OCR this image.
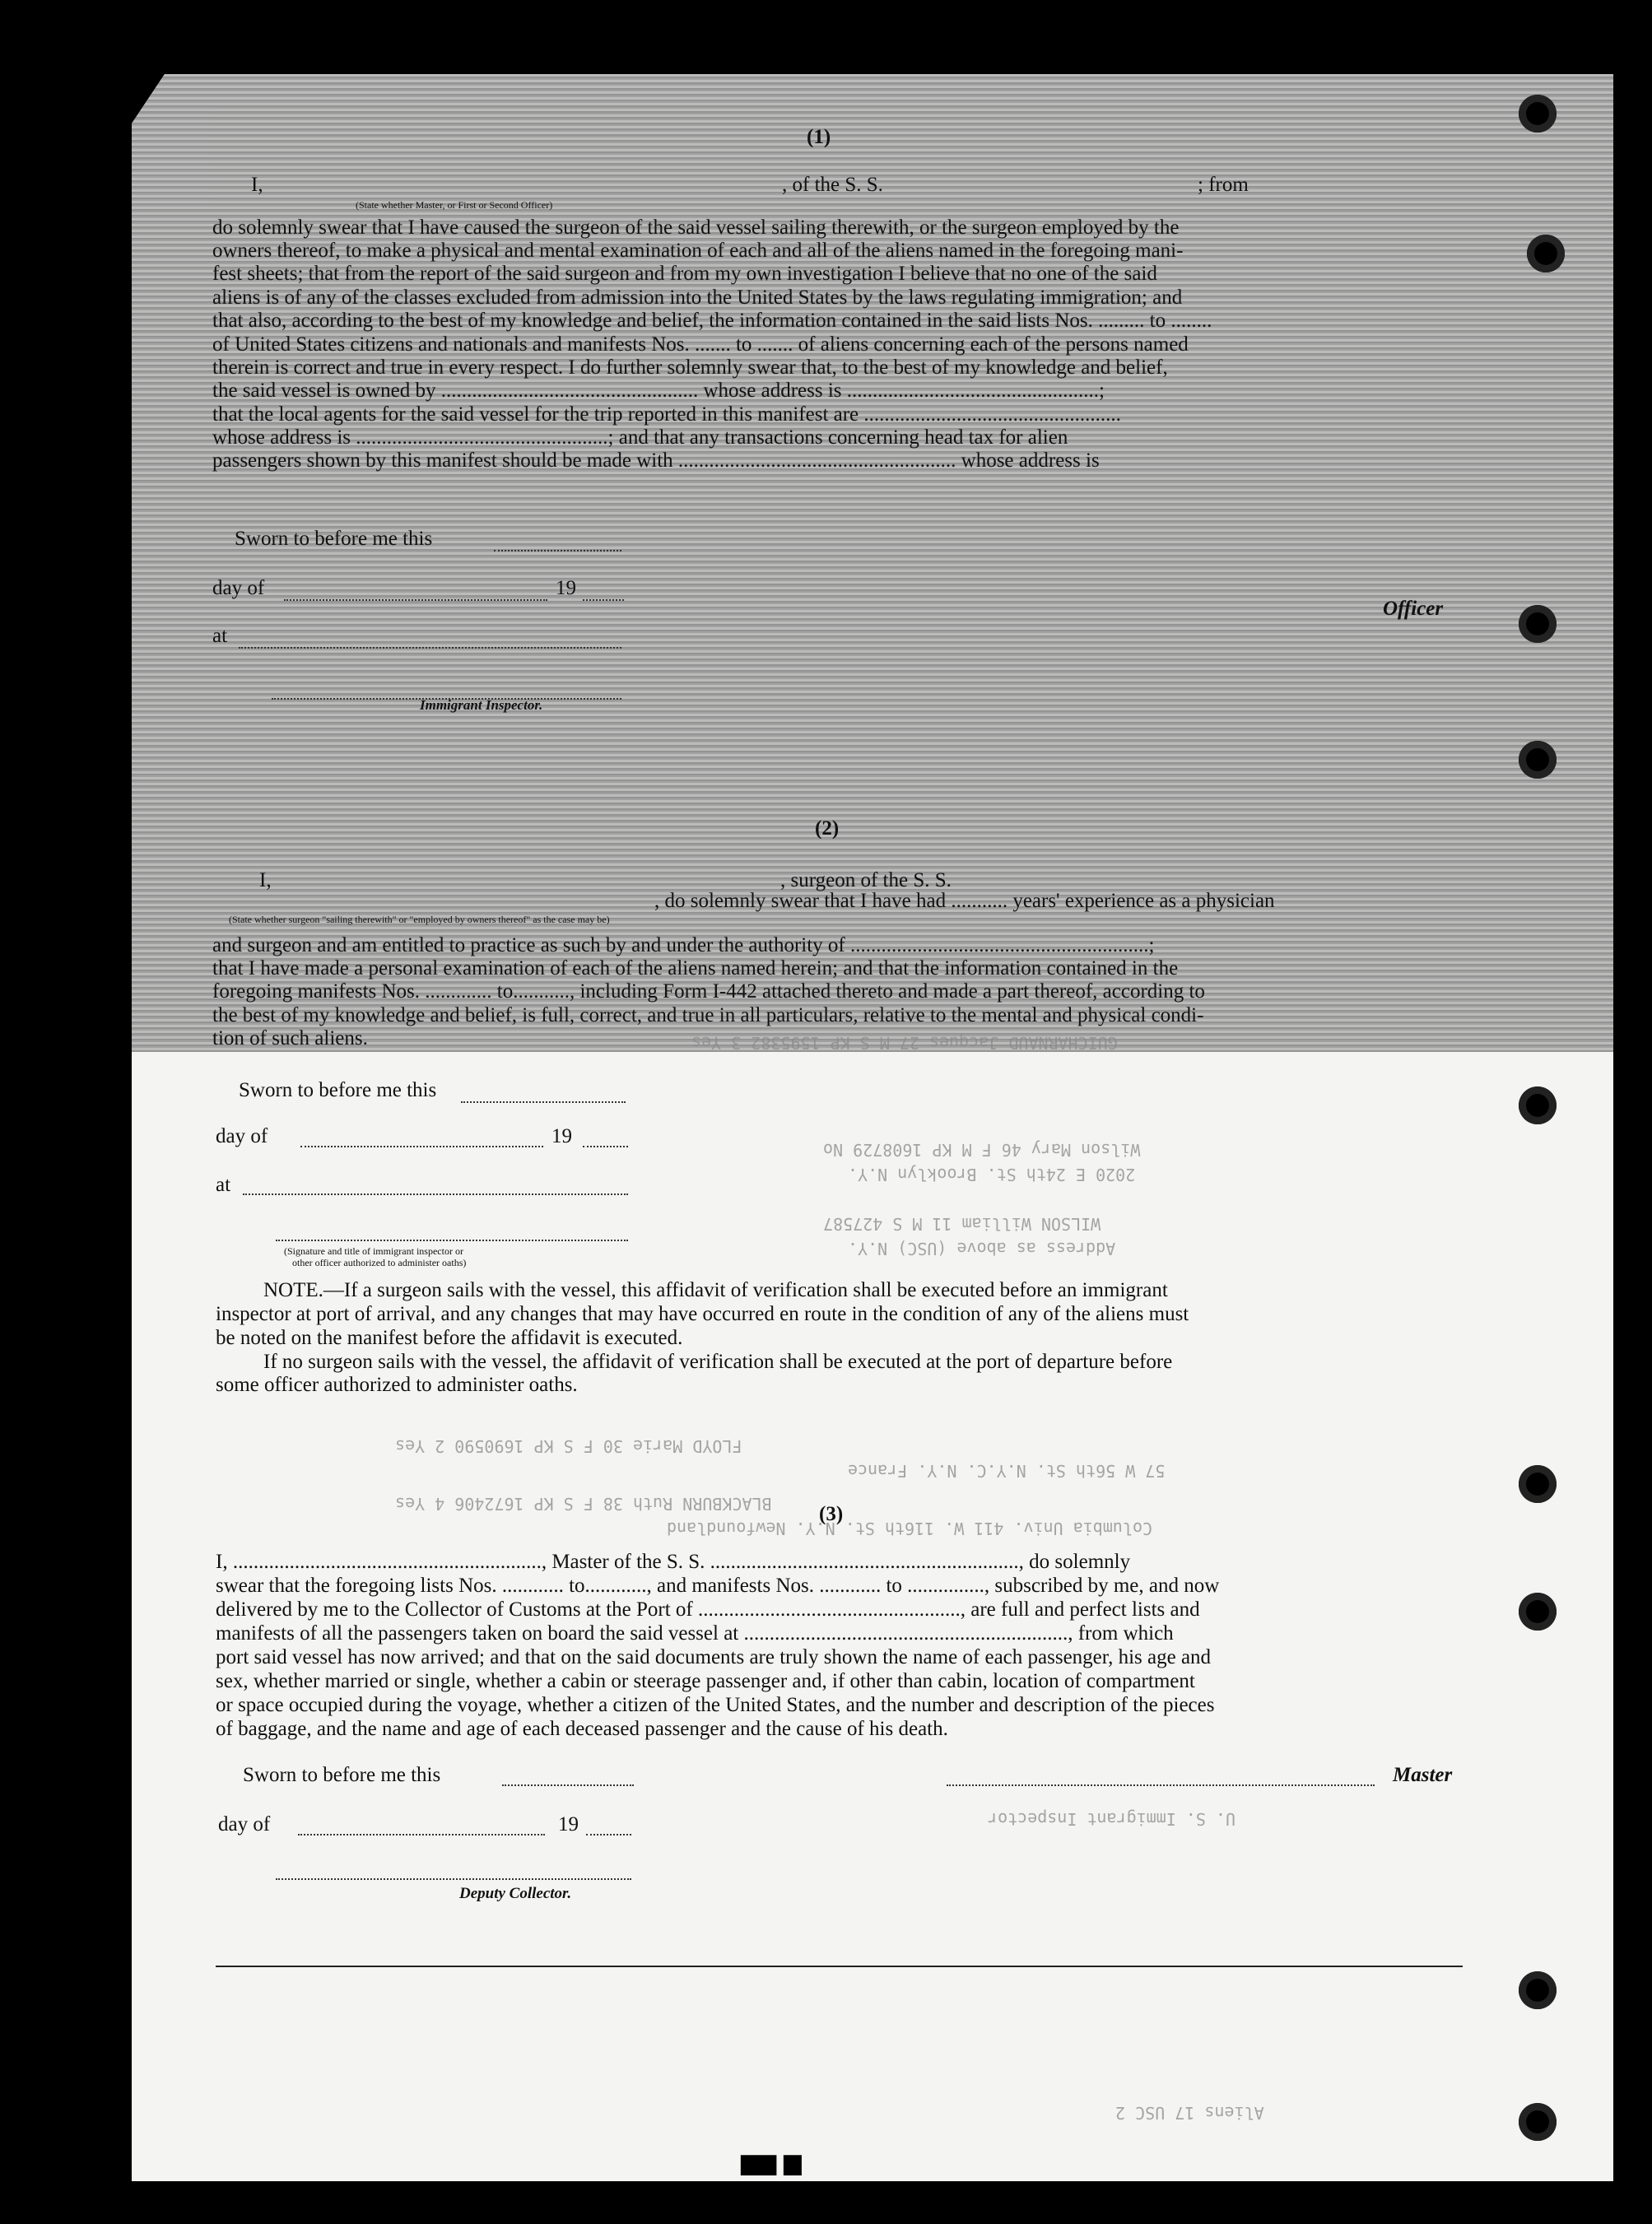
GUICHARNAUD Jacques 27 M S KP 1595382 3 Yes
Wilson Mary 46 F M KP 1608729 No
2020 E 24th St. Brooklyn N.Y.
WILSON William 11 M S 427587
Address as above (USC) N.Y.
FLOYD Marie 30 F S KP 1690590 2 Yes
57 W 56th St. N.Y.C. N.Y. France
BLACKBURN Ruth 38 F S KP 1672406 4 Yes
Columbia Univ. 411 W. 116th St. N.Y. Newfoundland
U. S. Immigrant Inspector
Aliens 17 USC 2
(1)
I,	, of the S. S.	; from
(State whether Master, or First or Second Officer)
do solemnly swear that I have caused the surgeon of the said vessel sailing therewith, or the surgeon employed by the
owners thereof, to make a physical and mental examination of each and all of the aliens named in the foregoing mani-
fest sheets; that from the report of the said surgeon and from my own investigation I believe that no one of the said
aliens is of any of the classes excluded from admission into the United States by the laws regulating immigration; and
that also, according to the best of my knowledge and belief, the information contained in the said lists Nos. ......... to ........
of United States citizens and nationals and manifests Nos. ....... to ....... of aliens concerning each of the persons named
therein is correct and true in every respect. I do further solemnly swear that, to the best of my knowledge and belief,
the said vessel is owned by .................................................. whose address is .................................................;
that the local agents for the said vessel for the trip reported in this manifest are ..................................................
whose address is .................................................; and that any transactions concerning head tax for alien
passengers shown by this manifest should be made with ...................................................... whose address is
Sworn to before me this
day of	19
Officer
at
Immigrant Inspector.
(2)
I,	, surgeon of the S. S.
, do solemnly swear that I have had ........... years' experience as a physician
(State whether surgeon "sailing therewith" or "employed by owners thereof" as the case may be)
and surgeon and am entitled to practice as such by and under the authority of ..........................................................;
that I have made a personal examination of each of the aliens named herein; and that the information contained in the
foregoing manifests Nos. ............. to..........., including Form I-442 attached thereto and made a part thereof, according to
the best of my knowledge and belief, is full, correct, and true in all particulars, relative to the mental and physical condi-
tion of such aliens.
Sworn to before me this
day of	19
at
(Signature and title of immigrant inspector or
other officer authorized to administer oaths)
NOTE.—If a surgeon sails with the vessel, this affidavit of verification shall be executed before an immigrant
inspector at port of arrival, and any changes that may have occurred en route in the condition of any of the aliens must
be noted on the manifest before the affidavit is executed.
If no surgeon sails with the vessel, the affidavit of verification shall be executed at the port of departure before
some officer authorized to administer oaths.
(3)
I, ............................................................, Master of the S. S. ............................................................, do solemnly
swear that the foregoing lists Nos. ............ to............, and manifests Nos. ............ to ..............., subscribed by me, and now
delivered by me to the Collector of Customs at the Port of ..................................................., are full and perfect lists and
manifests of all the passengers taken on board the said vessel at ..............................................................., from which
port said vessel has now arrived; and that on the said documents are truly shown the name of each passenger, his age and
sex, whether married or single, whether a cabin or steerage passenger and, if other than cabin, location of compartment
or space occupied during the voyage, whether a citizen of the United States, and the number and description of the pieces
of baggage, and the name and age of each deceased passenger and the cause of his death.
Sworn to before me this	Master
day of	19
Deputy Collector.
▆▆ ▆
